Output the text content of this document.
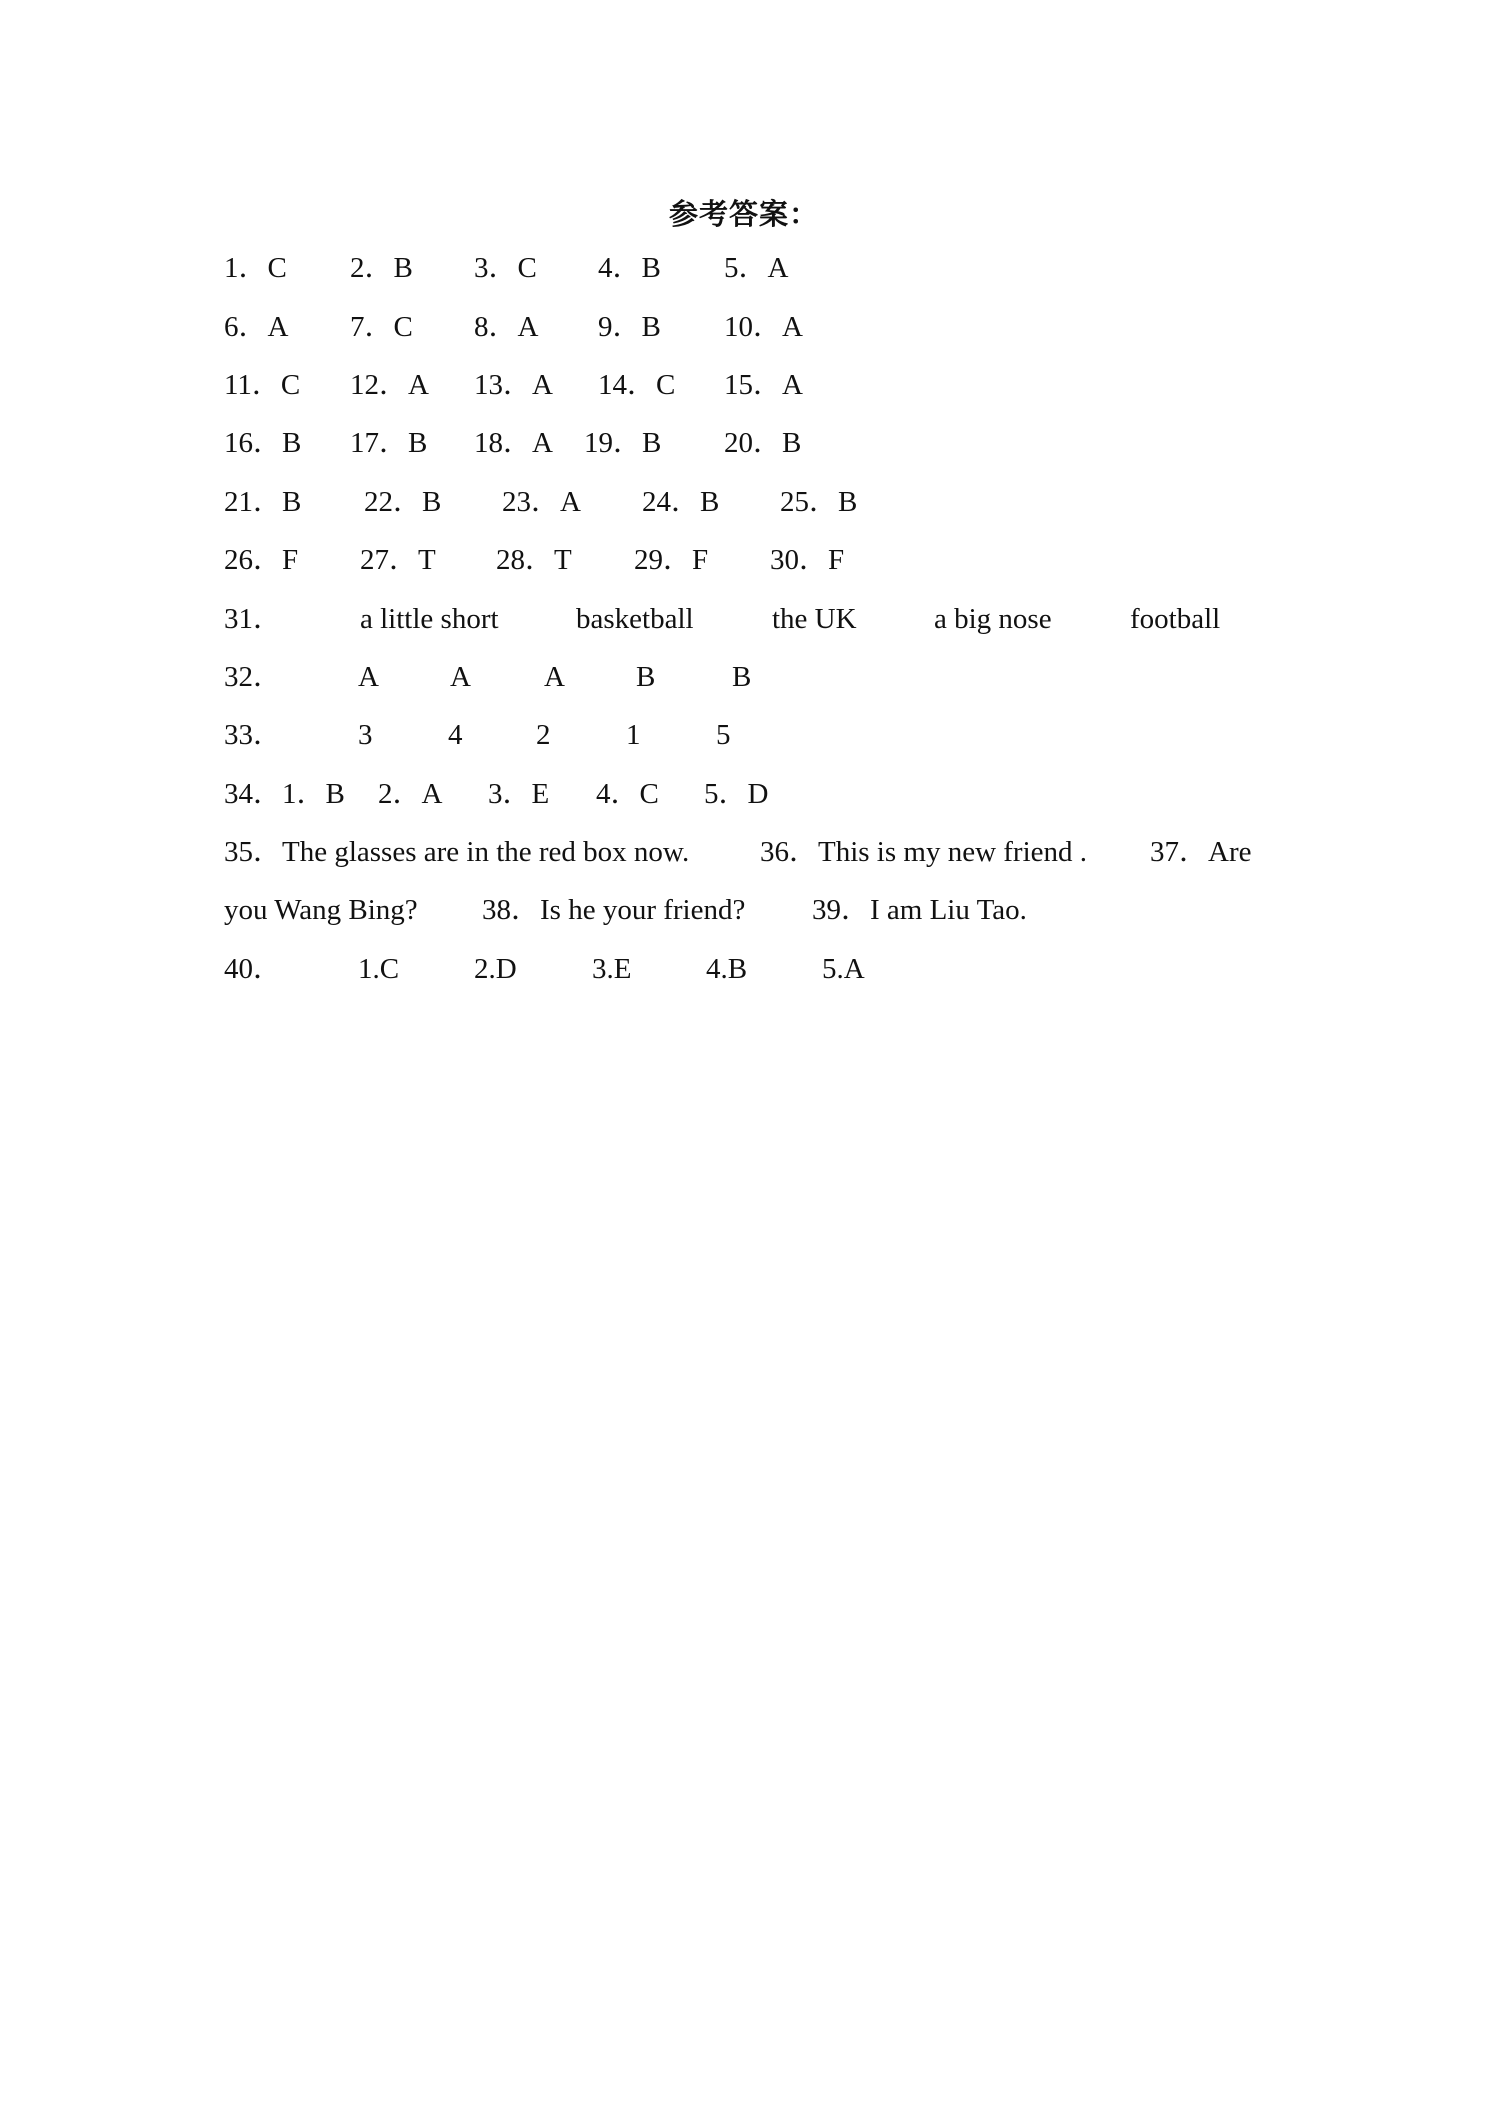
参考答案：
1．C 2．B 3．C 4．B 5．A
6．A 7．C 8．A 9．B 10．A
11．C 12．A 13．A 14．C 15．A
16．B 17．B 18．A 19．B 20．B
21．B 22．B 23．A 24．B 25．B
26．F 27．T 28．T 29．F 30．F
31．	a little short	basketball	the UK	a big nose	football
32．	A A	A B	B
33．	3	4	2	1	5
34．1．B 2．A 3．E 4．C 5．D
35．The glasses are in the red box now. 36．This is my new friend . 37．Are
you Wang Bing? 38．Is he your friend? 39．I am Liu Tao.
40．	1.C	2.D	3.E	4.B	5.A
